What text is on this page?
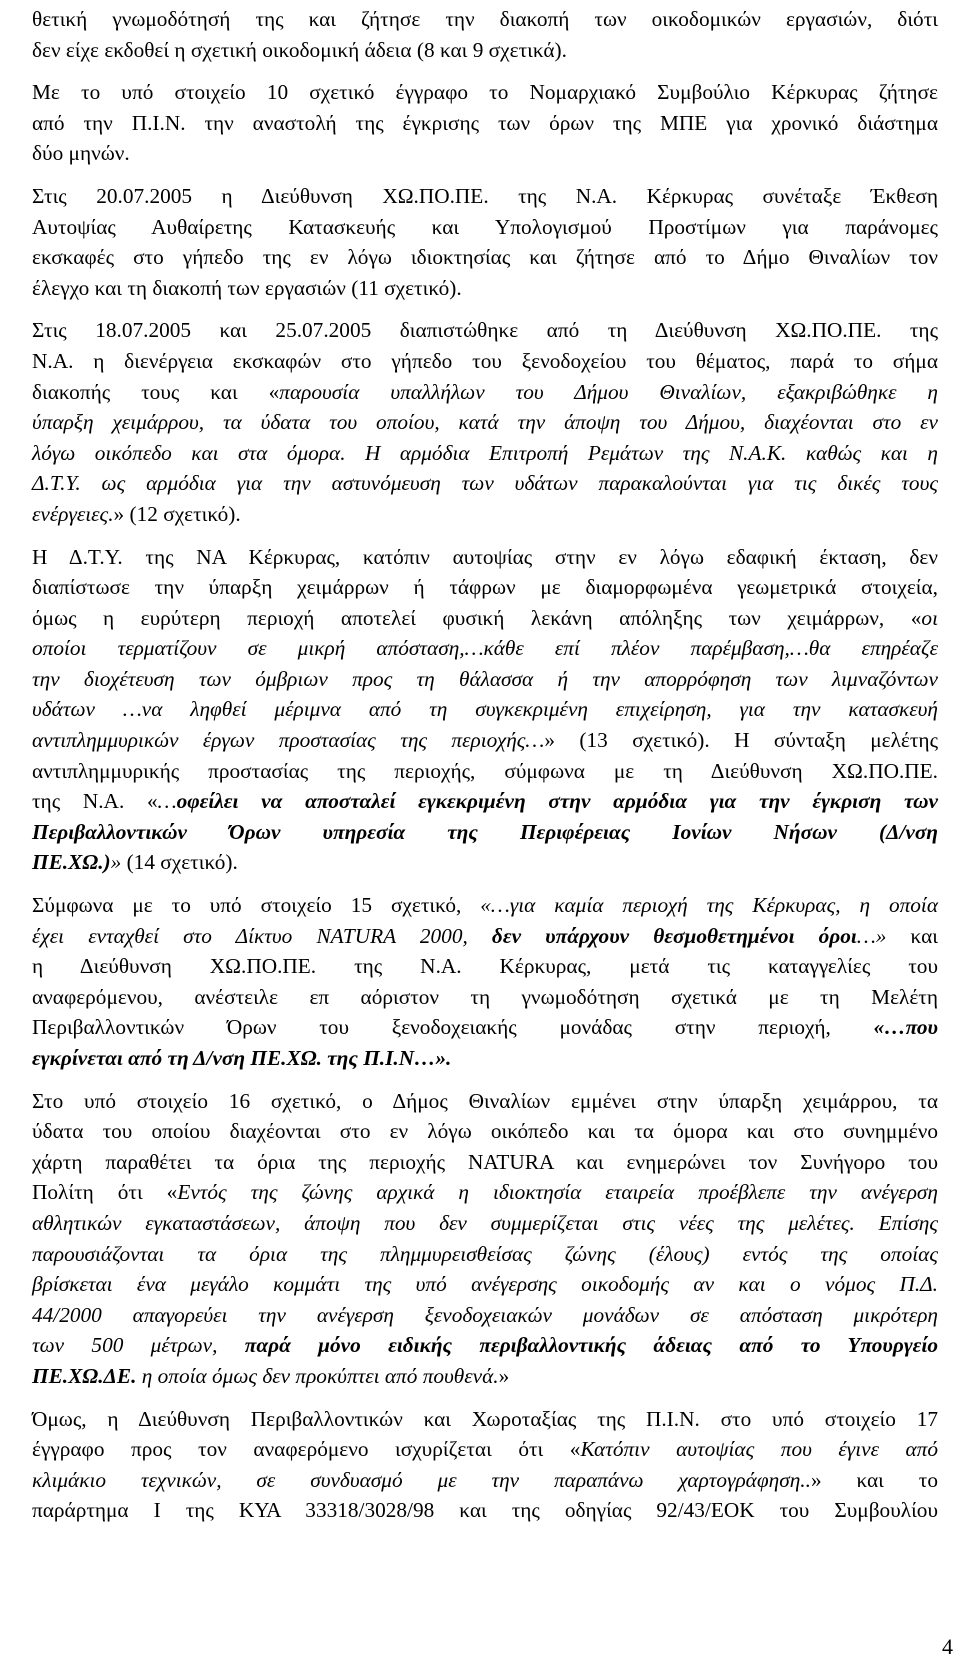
θετική γνωμοδότησή της και ζήτησε την διακοπή των οικοδομικών εργασιών, διότι
δεν είχε εκδοθεί η σχετική οικοδομική άδεια (8 και 9 σχετικά).
Με το υπό στοιχείο 10 σχετικό έγγραφο το Νομαρχιακό Συμβούλιο Κέρκυρας ζήτησε
από την Π.Ι.Ν. την αναστολή της έγκρισης των όρων της ΜΠΕ για χρονικό διάστημα
δύο μηνών.
Στις 20.07.2005 η Διεύθυνση ΧΩ.ΠΟ.ΠΕ. της Ν.Α. Κέρκυρας συνέταξε Έκθεση
Αυτοψίας Αυθαίρετης Κατασκευής και Υπολογισμού Προστίμων για παράνομες
εκσκαφές στο γήπεδο της εν λόγω ιδιοκτησίας και ζήτησε από το Δήμο Θιναλίων τον
έλεγχο και τη διακοπή των εργασιών (11 σχετικό).
Στις 18.07.2005 και 25.07.2005 διαπιστώθηκε από τη Διεύθυνση ΧΩ.ΠΟ.ΠΕ. της
Ν.Α. η διενέργεια εκσκαφών στο γήπεδο του ξενοδοχείου του θέματος, παρά το σήμα
διακοπής τους και «παρουσία υπαλλήλων του Δήμου Θιναλίων, εξακριβώθηκε η
ύπαρξη χειμάρρου, τα ύδατα του οποίου, κατά την άποψη του Δήμου, διαχέονται στο εν
λόγω οικόπεδο και στα όμορα. Η αρμόδια Επιτροπή Ρεμάτων της Ν.Α.Κ. καθώς και η
Δ.Τ.Υ. ως αρμόδια για την αστυνόμευση των υδάτων παρακαλούνται για τις δικές τους
ενέργειες.» (12 σχετικό).
Η Δ.Τ.Υ. της ΝΑ Κέρκυρας, κατόπιν αυτοψίας στην εν λόγω εδαφική έκταση, δεν
διαπίστωσε την ύπαρξη χειμάρρων ή τάφρων με διαμορφωμένα γεωμετρικά στοιχεία,
όμως η ευρύτερη περιοχή αποτελεί φυσική λεκάνη απόληξης των χειμάρρων, «οι
οποίοι τερματίζουν σε μικρή απόσταση,…κάθε επί πλέον παρέμβαση,…θα επηρέαζε
την διοχέτευση των όμβριων προς τη θάλασσα ή την απορρόφηση των λιμναζόντων
υδάτων …να ληφθεί μέριμνα από τη συγκεκριμένη επιχείρηση, για την κατασκευή
αντιπλημμυρικών έργων προστασίας της περιοχής…» (13 σχετικό). Η σύνταξη μελέτης
αντιπλημμυρικής προστασίας της περιοχής, σύμφωνα με τη Διεύθυνση ΧΩ.ΠΟ.ΠΕ.
της Ν.Α. «…οφείλει να αποσταλεί εγκεκριμένη στην αρμόδια για την έγκριση των
Περιβαλλοντικών Όρων υπηρεσία της Περιφέρειας Ιονίων Νήσων (Δ/νση
ΠΕ.ΧΩ.)» (14 σχετικό).
Σύμφωνα με το υπό στοιχείο 15 σχετικό, «…για καμία περιοχή της Κέρκυρας, η οποία
έχει ενταχθεί στο Δίκτυο NATURA 2000, δεν υπάρχουν θεσμοθετημένοι όροι…» και
η Διεύθυνση ΧΩ.ΠΟ.ΠΕ. της Ν.Α. Κέρκυρας, μετά τις καταγγελίες του
αναφερόμενου, ανέστειλε επ αόριστον τη γνωμοδότηση σχετικά με τη Μελέτη
Περιβαλλοντικών Όρων του ξενοδοχειακής μονάδας στην περιοχή, «…που
εγκρίνεται από τη Δ/νση ΠΕ.ΧΩ. της Π.Ι.Ν…».
Στο υπό στοιχείο 16 σχετικό, ο Δήμος Θιναλίων εμμένει στην ύπαρξη χειμάρρου, τα
ύδατα του οποίου διαχέονται στο εν λόγω οικόπεδο και τα όμορα και στο συνημμένο
χάρτη παραθέτει τα όρια της περιοχής NATURA και ενημερώνει τον Συνήγορο του
Πολίτη ότι «Εντός της ζώνης αρχικά η ιδιοκτησία εταιρεία προέβλεπε την ανέγερση
αθλητικών εγκαταστάσεων, άποψη που δεν συμμερίζεται στις νέες της μελέτες. Επίσης
παρουσιάζονται τα όρια της πλημμυρεισθείσας ζώνης (έλους) εντός της οποίας
βρίσκεται ένα μεγάλο κομμάτι της υπό ανέγερσης οικοδομής αν και ο νόμος Π.Δ.
44/2000 απαγορεύει την ανέγερση ξενοδοχειακών μονάδων σε απόσταση μικρότερη
των 500 μέτρων, παρά μόνο ειδικής περιβαλλοντικής άδειας από το Υπουργείο
ΠΕ.ΧΩ.ΔΕ. η οποία όμως δεν προκύπτει από πουθενά.»
Όμως, η Διεύθυνση Περιβαλλοντικών και Χωροταξίας της Π.Ι.Ν. στο υπό στοιχείο 17
έγγραφο προς τον αναφερόμενο ισχυρίζεται ότι «Κατόπιν αυτοψίας που έγινε από
κλιμάκιο τεχνικών, σε συνδυασμό με την παραπάνω χαρτογράφηση..» και το
παράρτημα Ι της ΚΥΑ 33318/3028/98 και της οδηγίας 92/43/ΕΟΚ του Συμβουλίου
4
